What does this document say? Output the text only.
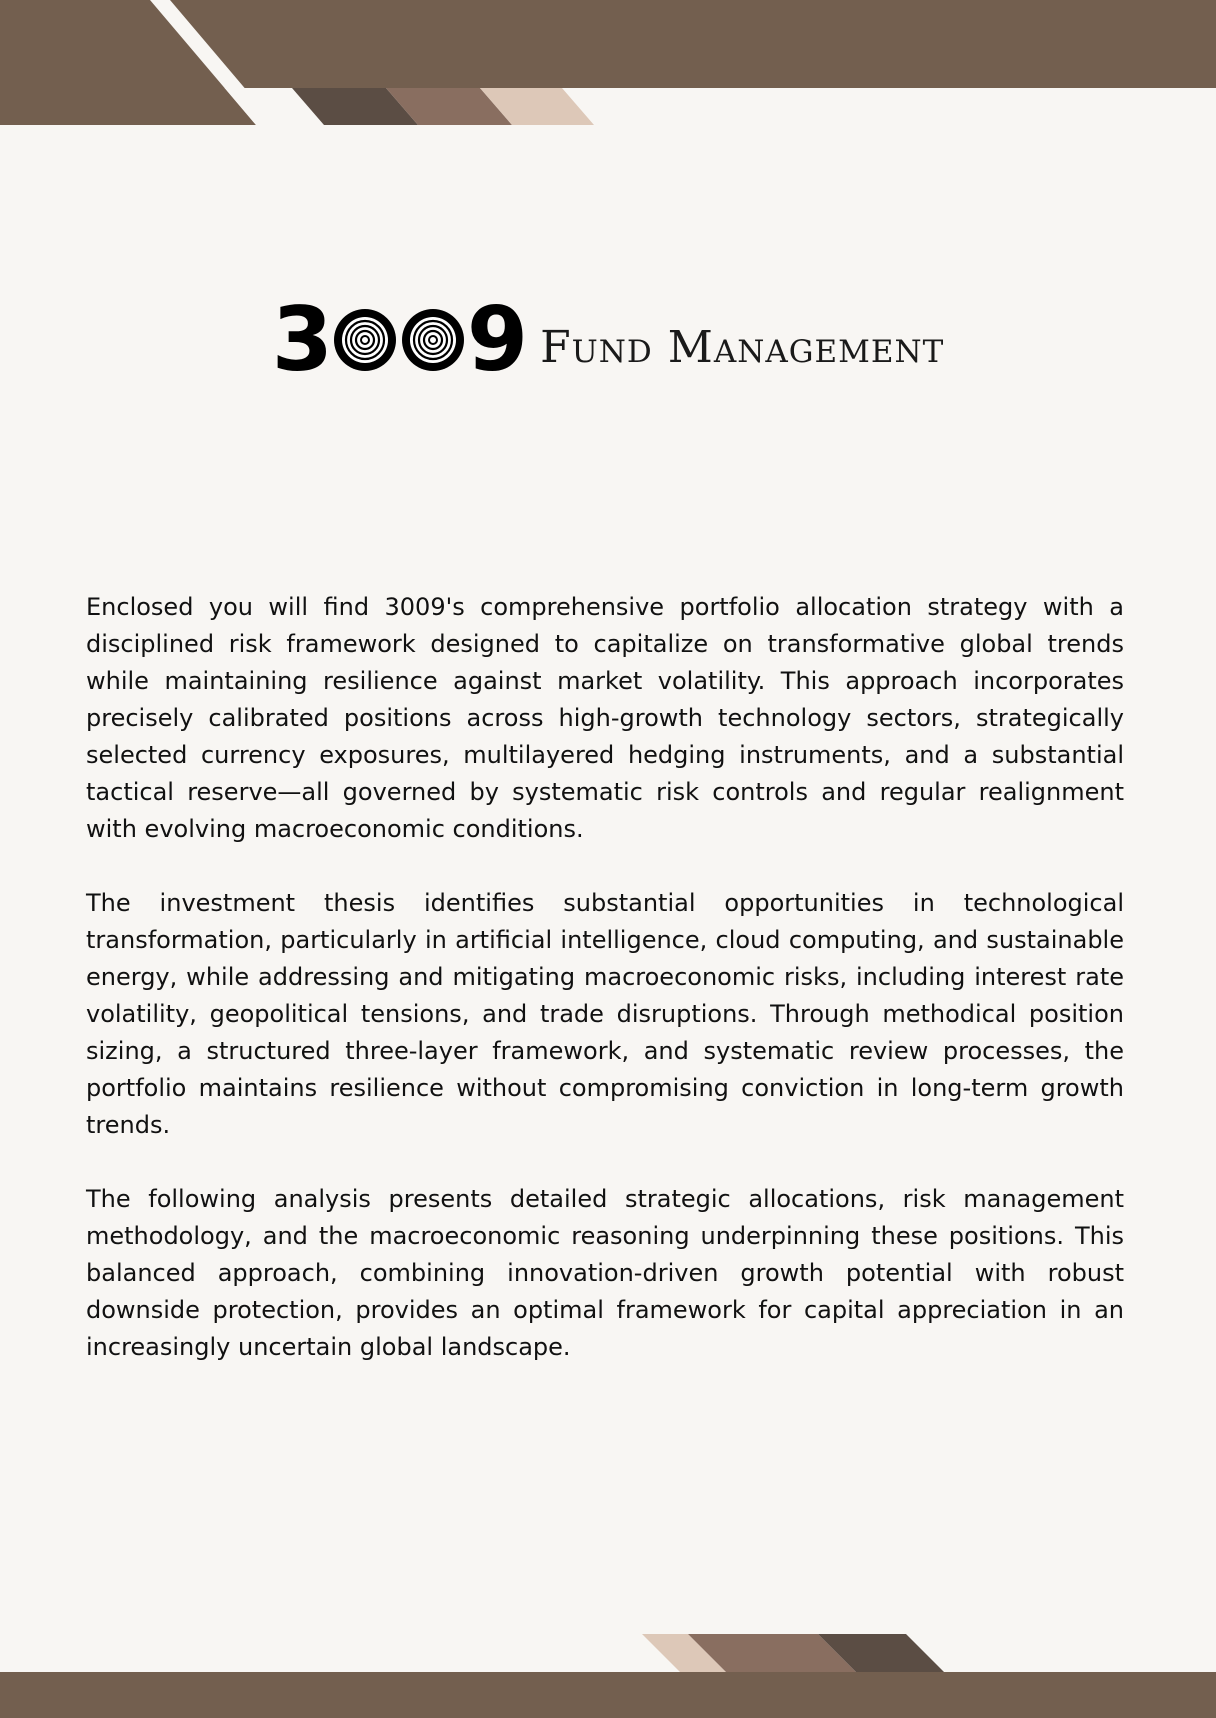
3 9 Fund Management

Enclosed you will find 3009's comprehensive portfolio allocation strategy with a disciplined risk framework designed to capitalize on transformative global trends while maintaining resilience against market volatility. This approach incorporates precisely calibrated positions across high-growth technology sectors, strategically selected currency exposures, multilayered hedging instruments, and a substantial tactical reserve—all governed by systematic risk controls and regular realignment with evolving macroeconomic conditions.

The investment thesis identifies substantial opportunities in technological transformation, particularly in artificial intelligence, cloud computing, and sustainable energy, while addressing and mitigating macroeconomic risks, including interest rate volatility, geopolitical tensions, and trade disruptions. Through methodical position sizing, a structured three-layer framework, and systematic review processes, the portfolio maintains resilience without compromising conviction in long-term growth trends.

The following analysis presents detailed strategic allocations, risk management methodology, and the macroeconomic reasoning underpinning these positions. This balanced approach, combining innovation-driven growth potential with robust downside protection, provides an optimal framework for capital appreciation in an increasingly uncertain global landscape.
